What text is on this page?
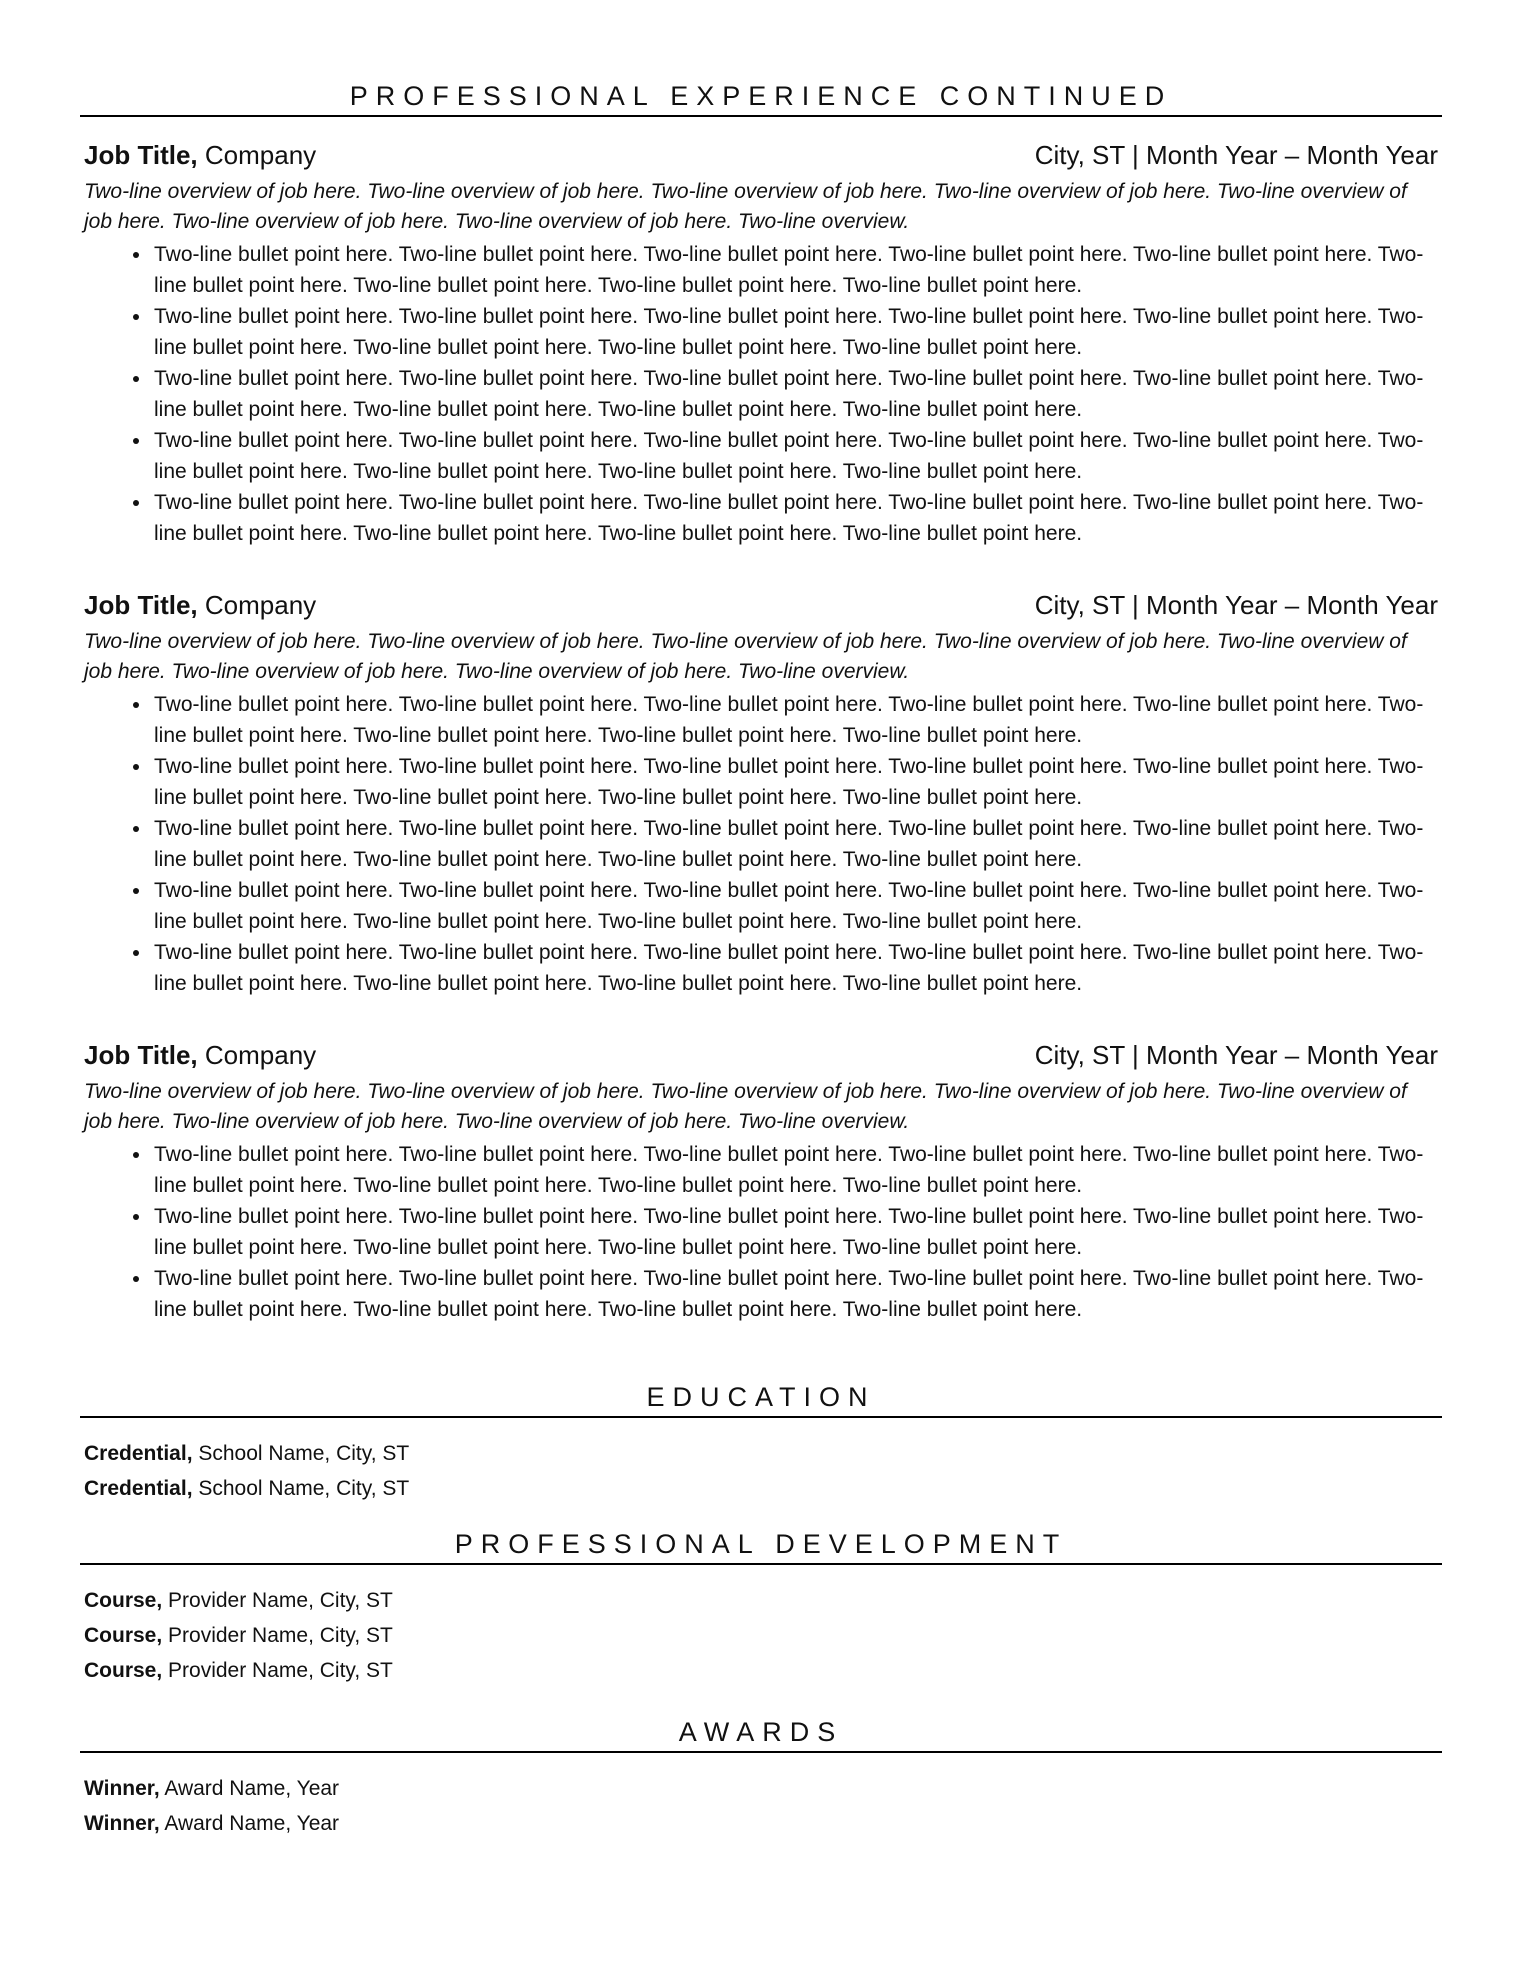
PROFESSIONAL EXPERIENCE CONTINUED
Job Title, Company	City, ST | Month Year – Month Year
Two-line overview of job here. Two-line overview of job here. Two-line overview of job here. Two-line overview of job here. Two-line overview of job here. Two-line overview of job here. Two-line overview of job here. Two-line overview.
• Two-line bullet point here. Two-line bullet point here. Two-line bullet point here. Two-line bullet point here. Two-line bullet point here. Two-line bullet point here. Two-line bullet point here. Two-line bullet point here. Two-line bullet point here.
• Two-line bullet point here. Two-line bullet point here. Two-line bullet point here. Two-line bullet point here. Two-line bullet point here. Two-line bullet point here. Two-line bullet point here. Two-line bullet point here. Two-line bullet point here.
• Two-line bullet point here. Two-line bullet point here. Two-line bullet point here. Two-line bullet point here. Two-line bullet point here. Two-line bullet point here. Two-line bullet point here. Two-line bullet point here. Two-line bullet point here.
• Two-line bullet point here. Two-line bullet point here. Two-line bullet point here. Two-line bullet point here. Two-line bullet point here. Two-line bullet point here. Two-line bullet point here. Two-line bullet point here. Two-line bullet point here.
• Two-line bullet point here. Two-line bullet point here. Two-line bullet point here. Two-line bullet point here. Two-line bullet point here. Two-line bullet point here. Two-line bullet point here. Two-line bullet point here. Two-line bullet point here.
Job Title, Company	City, ST | Month Year – Month Year
Two-line overview of job here. Two-line overview of job here. Two-line overview of job here. Two-line overview of job here. Two-line overview of job here. Two-line overview of job here. Two-line overview of job here. Two-line overview.
• Two-line bullet point here. Two-line bullet point here. Two-line bullet point here. Two-line bullet point here. Two-line bullet point here. Two-line bullet point here. Two-line bullet point here. Two-line bullet point here. Two-line bullet point here.
• Two-line bullet point here. Two-line bullet point here. Two-line bullet point here. Two-line bullet point here. Two-line bullet point here. Two-line bullet point here. Two-line bullet point here. Two-line bullet point here. Two-line bullet point here.
• Two-line bullet point here. Two-line bullet point here. Two-line bullet point here. Two-line bullet point here. Two-line bullet point here. Two-line bullet point here. Two-line bullet point here. Two-line bullet point here. Two-line bullet point here.
• Two-line bullet point here. Two-line bullet point here. Two-line bullet point here. Two-line bullet point here. Two-line bullet point here. Two-line bullet point here. Two-line bullet point here. Two-line bullet point here. Two-line bullet point here.
• Two-line bullet point here. Two-line bullet point here. Two-line bullet point here. Two-line bullet point here. Two-line bullet point here. Two-line bullet point here. Two-line bullet point here. Two-line bullet point here. Two-line bullet point here.
Job Title, Company	City, ST | Month Year – Month Year
Two-line overview of job here. Two-line overview of job here. Two-line overview of job here. Two-line overview of job here. Two-line overview of job here. Two-line overview of job here. Two-line overview of job here. Two-line overview.
• Two-line bullet point here. Two-line bullet point here. Two-line bullet point here. Two-line bullet point here. Two-line bullet point here. Two-line bullet point here. Two-line bullet point here. Two-line bullet point here. Two-line bullet point here.
• Two-line bullet point here. Two-line bullet point here. Two-line bullet point here. Two-line bullet point here. Two-line bullet point here. Two-line bullet point here. Two-line bullet point here. Two-line bullet point here. Two-line bullet point here.
• Two-line bullet point here. Two-line bullet point here. Two-line bullet point here. Two-line bullet point here. Two-line bullet point here. Two-line bullet point here. Two-line bullet point here. Two-line bullet point here. Two-line bullet point here.
EDUCATION
Credential, School Name, City, ST
Credential, School Name, City, ST
PROFESSIONAL DEVELOPMENT
Course, Provider Name, City, ST
Course, Provider Name, City, ST
Course, Provider Name, City, ST
AWARDS
Winner, Award Name, Year
Winner, Award Name, Year
